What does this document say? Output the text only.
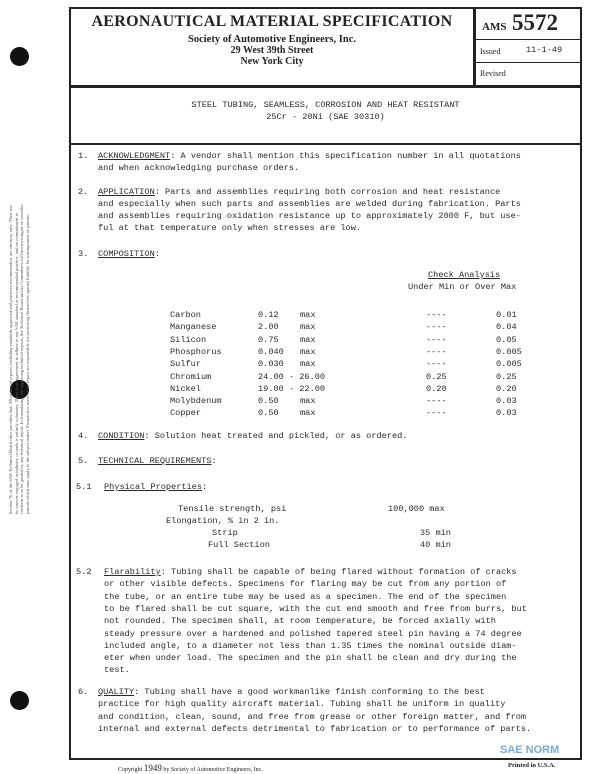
Section 7b of the SAE Technical Board rules provides that: All technical reports, including standards approved and practices recommended, are advisory only. Their use by anyone engaged in industry or trade is entirely voluntary. There is no agreement to adhere to any SAE standard or recommended practice, and no commitment to conform to or be guided by any technical report. In formulating and approving technical reports, the Technical Board and its Committees will not investigate or consider patents which may apply to the subject matter. Prospective users of the report are responsible for protecting themselves against liability for infringement of patents.
AERONAUTICAL MATERIAL SPECIFICATION
Society of Automotive Engineers, Inc.
29 West 39th Street
New York City
AMS 5572
Issued	11-1-49
Revised
STEEL TUBING, SEAMLESS, CORROSION AND HEAT RESISTANT
25Cr - 20Ni (SAE 30310)
1. ACKNOWLEDGMENT: A vendor shall mention this specification number in all quotations
and when acknowledging purchase orders.
2. APPLICATION: Parts and assemblies requiring both corrosion and heat resistance
and especially when such parts and assemblies are welded during fabrication. Parts
and assemblies requiring oxidation resistance up to approximately 2000 F, but use-
ful at that temperature only when stresses are low.
3. COMPOSITION:
Check Analysis
Under Min or Over Max
Carbon	0.12 max	----	0.01
Manganese	2.00 max	----	0.04
Silicon	0.75 max	----	0.05
Phosphorus	0.040 max	----	0.005
Sulfur	0.030 max	----	0.005
Chromium	24.00 - 26.00	0.25	0.25
Nickel	19.00 - 22.00	0.20	0.20
Molybdenum	0.50 max	----	0.03
Copper	0.50 max	----	0.03
4. CONDITION: Solution heat treated and pickled, or as ordered.
5. TECHNICAL REQUIREMENTS:
5.1 Physical Properties:
Tensile strength, psi	100,000 max
Elongation, % in 2 in.
Strip	35 min
Full Section	40 min
5.2 Flarability: Tubing shall be capable of being flared without formation of cracks
or other visible defects. Specimens for flaring may be cut from any portion of
the tube, or an entire tube may be used as a specimen. The end of the specimen
to be flared shall be cut square, with the cut end smooth and free from burrs, but
not rounded. The specimen shall, at room temperature, be forced axially with
steady pressure over a hardened and polished tapered steel pin having a 74 degree
included angle, to a diameter not less than 1.35 times the nominal outside diam-
eter when under load. The specimen and the pin shall be clean and dry during the
test.
6. QUALITY: Tubing shall have a good workmanlike finish conforming to the best
practice for high quality aircraft material. Tubing shall be uniform in quality
and condition, clean, sound, and free from grease or other foreign matter, and from
internal and external defects detrimental to fabrication or to performance of parts.
Copyright 1949 by Society of Automotive Engineers, Inc.
Printed in U.S.A.
SAE NORM
